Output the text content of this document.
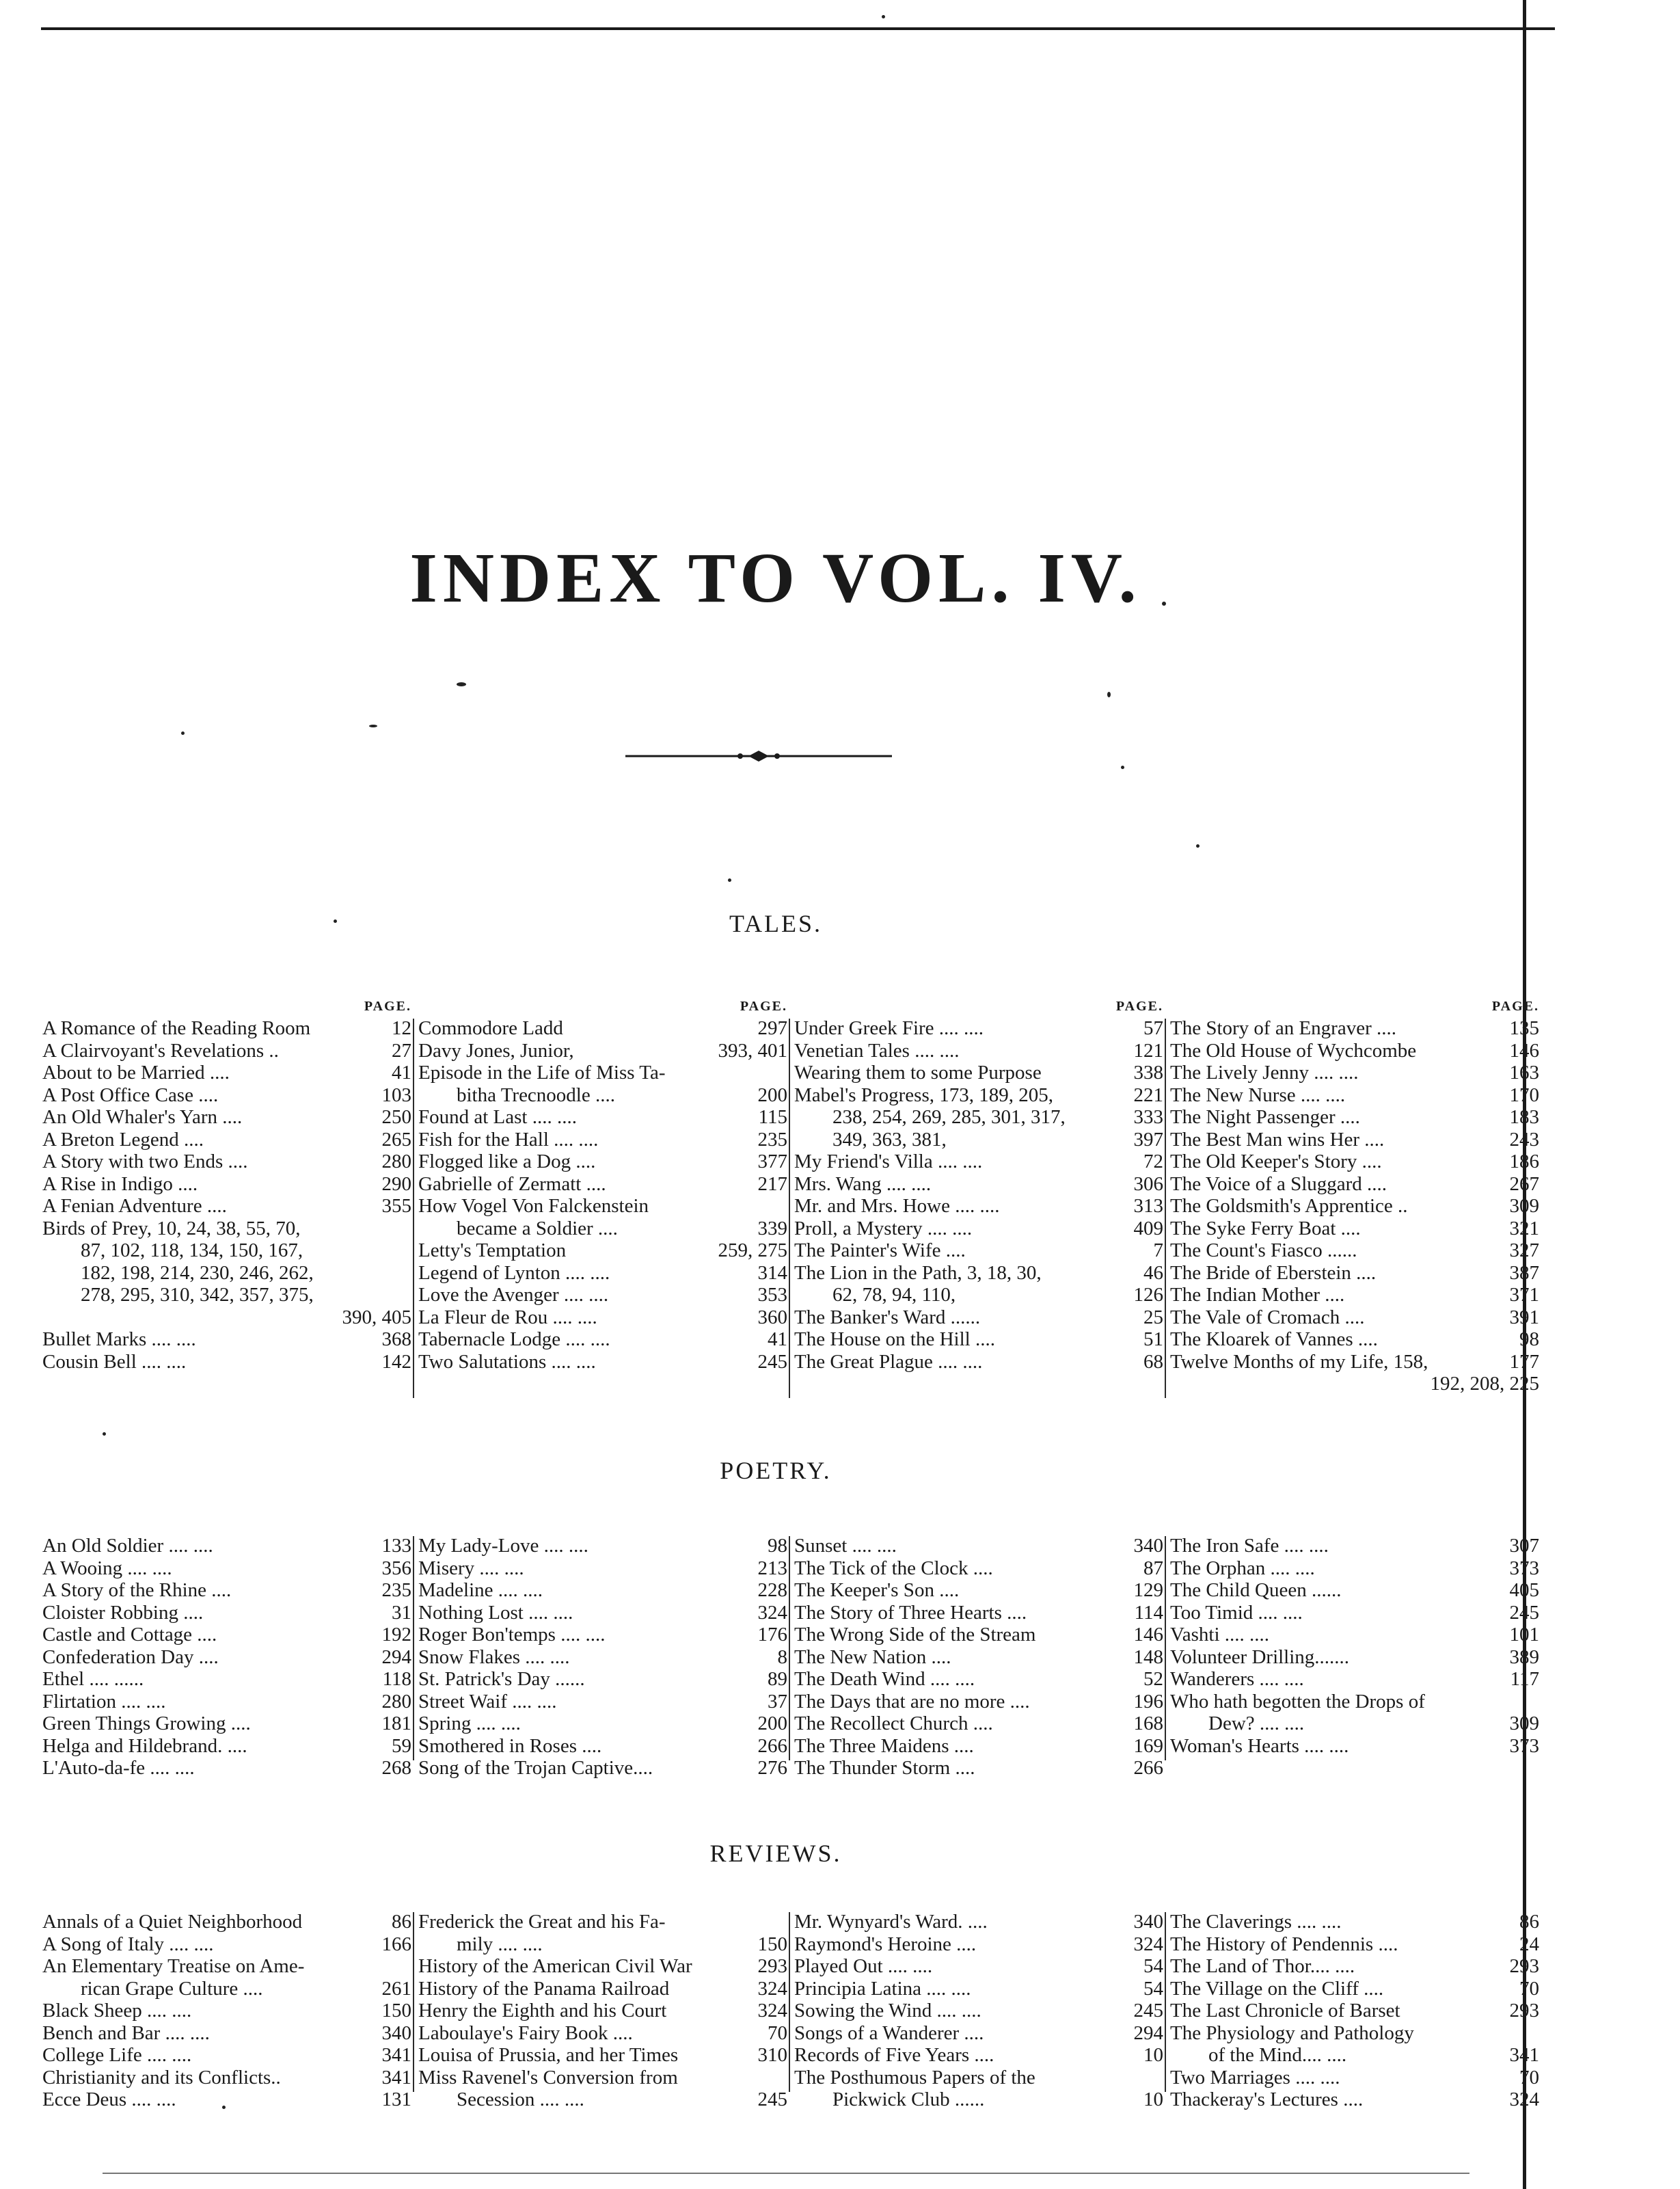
INDEX TO VOL. IV.
TALES.
POETRY.
REVIEWS.
PAGE.
A Romance of the Reading Room	12
A Clairvoyant's Revelations ..	27
About to be Married ....	41
A Post Office Case ....	103
An Old Whaler's Yarn ....	250
A Breton Legend ....	265
A Story with two Ends ....	280
A Rise in Indigo ....	290
A Fenian Adventure ....	355
Birds of Prey, 10, 24, 38, 55, 70,
87, 102, 118, 134, 150, 167,
182, 198, 214, 230, 246, 262,
278, 295, 310, 342, 357, 375,
390, 405
Bullet Marks .... ....	368
Cousin Bell .... ....	142
PAGE.
Commodore Ladd	297
Davy Jones, Junior,	393, 401
Episode in the Life of Miss Ta-
bitha Trecnoodle ....	200
Found at Last .... ....	115
Fish for the Hall .... ....	235
Flogged like a Dog ....	377
Gabrielle of Zermatt ....	217
How Vogel Von Falckenstein
became a Soldier ....	339
Letty's Temptation	259, 275
Legend of Lynton .... ....	314
Love the Avenger .... ....	353
La Fleur de Rou .... ....	360
Tabernacle Lodge .... ....	41
Two Salutations .... ....	245
PAGE.
Under Greek Fire .... ....	57
Venetian Tales .... ....	121
Wearing them to some Purpose	338
Mabel's Progress, 173, 189, 205,	221
238, 254, 269, 285, 301, 317,	333
349, 363, 381,	397
My Friend's Villa .... ....	72
Mrs. Wang .... ....	306
Mr. and Mrs. Howe .... ....	313
Proll, a Mystery .... ....	409
The Painter's Wife ....	7
The Lion in the Path, 3, 18, 30,	46
62, 78, 94, 110,	126
The Banker's Ward ......	25
The House on the Hill ....	51
The Great Plague .... ....	68
PAGE.
The Story of an Engraver ....	135
The Old House of Wychcombe	146
The Lively Jenny .... ....	163
The New Nurse .... ....	170
The Night Passenger ....	183
The Best Man wins Her ....	243
The Old Keeper's Story ....	186
The Voice of a Sluggard ....	267
The Goldsmith's Apprentice ..	309
The Syke Ferry Boat ....	321
The Count's Fiasco ......	327
The Bride of Eberstein ....	387
The Indian Mother ....	371
The Vale of Cromach ....	391
The Kloarek of Vannes ....	98
Twelve Months of my Life, 158,	177
192, 208, 225
An Old Soldier .... ....	133
A Wooing .... ....	356
A Story of the Rhine ....	235
Cloister Robbing ....	31
Castle and Cottage ....	192
Confederation Day ....	294
Ethel .... ......	118
Flirtation .... ....	280
Green Things Growing ....	181
Helga and Hildebrand. ....	59
L'Auto-da-fe .... ....	268
My Lady-Love .... ....	98
Misery .... ....	213
Madeline .... ....	228
Nothing Lost .... ....	324
Roger Bon'temps .... ....	176
Snow Flakes .... ....	8
St. Patrick's Day ......	89
Street Waif .... ....	37
Spring .... ....	200
Smothered in Roses ....	266
Song of the Trojan Captive....	276
Sunset .... ....	340
The Tick of the Clock ....	87
The Keeper's Son ....	129
The Story of Three Hearts ....	114
The Wrong Side of the Stream	146
The New Nation ....	148
The Death Wind .... ....	52
The Days that are no more ....	196
The Recollect Church ....	168
The Three Maidens ....	169
The Thunder Storm ....	266
The Iron Safe .... ....	307
The Orphan .... ....	373
The Child Queen ......	405
Too Timid .... ....	245
Vashti .... ....	101
Volunteer Drilling.......	389
Wanderers .... ....	117
Who hath begotten the Drops of
Dew? .... ....	309
Woman's Hearts .... ....	373
Annals of a Quiet Neighborhood	86
A Song of Italy .... ....	166
An Elementary Treatise on Ame-
rican Grape Culture ....	261
Black Sheep .... ....	150
Bench and Bar .... ....	340
College Life .... ....	341
Christianity and its Conflicts..	341
Ecce Deus .... ....	131
Frederick the Great and his Fa-
mily .... ....	150
History of the American Civil War	293
History of the Panama Railroad	324
Henry the Eighth and his Court	324
Laboulaye's Fairy Book ....	70
Louisa of Prussia, and her Times	310
Miss Ravenel's Conversion from
Secession .... ....	245
Mr. Wynyard's Ward. ....	340
Raymond's Heroine ....	324
Played Out .... ....	54
Principia Latina .... ....	54
Sowing the Wind .... ....	245
Songs of a Wanderer ....	294
Records of Five Years ....	10
The Posthumous Papers of the
Pickwick Club ......	10
The Claverings .... ....	86
The History of Pendennis ....	24
The Land of Thor.... ....	293
The Village on the Cliff ....	70
The Last Chronicle of Barset	293
The Physiology and Pathology
of the Mind.... ....	341
Two Marriages .... ....	70
Thackeray's Lectures ....	324
